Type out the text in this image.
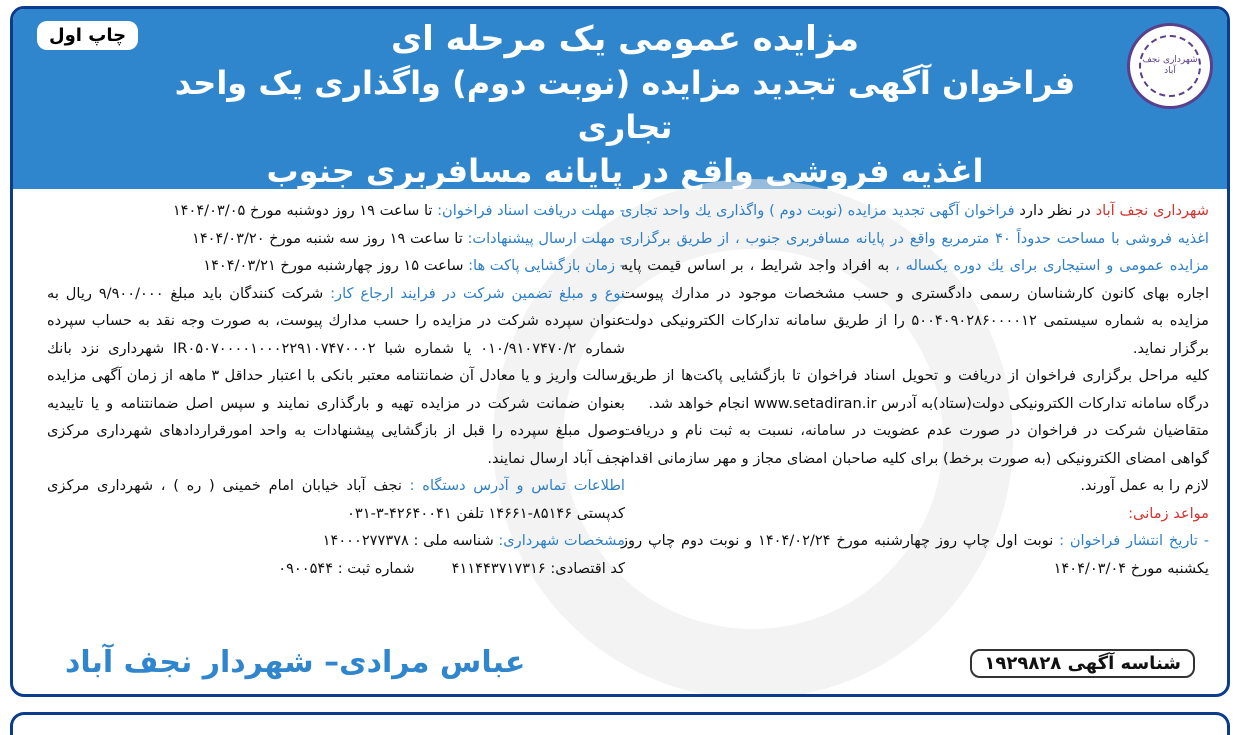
شهرداری نجف آباد
چاپ اول	مزایده عمومی یک مرحله ای
فراخوان آگهی تجدید مزایده (نوبت دوم) واگذاری یک واحد تجاری
اغذیه فروشی واقع در پایانه مسافربری جنوب

شهرداری نجف آباد در نظر دارد فراخوان آگهی تجدید مزایده (نوبت دوم ) واگذاری یك واحد تجاری اغذیه فروشی با مساحت حدوداً ۴۰ مترمربع واقع در پایانه مسافربری جنوب ، از طریق برگزاری مزایده عمومی و استیجاری برای یك دوره یكساله ، به افراد واجد شرایط ، بر اساس قیمت پایه اجاره بهای كانون كارشناسان رسمی دادگستری و حسب مشخصات موجود در مدارك پیوست مزایده به شماره سیستمی ۵۰۰۴۰۹۰۲۸۶۰۰۰۰۱۲ را از طریق سامانه تداركات الكترونیكی دولت برگزار نماید.

كلیه مراحل برگزاری فراخوان از دریافت و تحویل اسناد فراخوان تا بازگشایی پاكت‌ها از طریق درگاه سامانه تداركات الكترونیكی دولت(ستاد)به آدرس www.setadiran.ir انجام خواهد شد.

متقاضیان شركت در فراخوان در صورت عدم عضویت در سامانه، نسبت به ثبت نام و دریافت گواهی امضای الكترونیكی (به صورت برخط) برای كلیه صاحبان امضای مجاز و مهر سازمانی اقدام لازم را به عمل آورند.

مواعد زمانی:

- تاریخ انتشار فراخوان : نوبت اول چاپ روز چهارشنبه مورخ ۱۴۰۴/۰۲/۲۴ و نوبت دوم چاپ روز یكشنبه مورخ ۱۴۰۴/۰۳/۰۴

- مهلت دریافت اسناد فراخوان: تا ساعت ۱۹ روز دوشنبه مورخ ۱۴۰۴/۰۳/۰۵

- مهلت ارسال پیشنهادات: تا ساعت ۱۹ روز سه شنبه مورخ ۱۴۰۴/۰۳/۲۰

- زمان بازگشایی پاكت ها: ساعت ۱۵ روز چهارشنبه مورخ ۱۴۰۴/۰۳/۲۱

نوع و مبلغ تضمین شركت در فرایند ارجاع كار: شركت كنندگان باید مبلغ ۹/۹۰۰/۰۰۰ ریال به عنوان سپرده شركت در مزایده را حسب مدارك پیوست، به صورت وجه نقد به حساب سپرده شماره ۰۱۰/۹۱۰۷۴۷۰/۲ یا شماره شبا IR۰۵۰۷۰۰۰۰۱۰۰۰۲۲۹۱۰۷۴۷۰۰۰۲ شهرداری نزد بانك رسالت واریز و یا معادل آن ضمانتنامه معتبر بانكی با اعتبار حداقل ۳ ماهه از زمان آگهی مزایده بعنوان ضمانت شركت در مزایده تهیه و بارگذاری نمایند و سپس اصل ضمانتنامه و یا تاییدیه وصول مبلغ سپرده را قبل از بازگشایی پیشنهادات به واحد امورقراردادهای شهرداری مركزی نجف آباد ارسال نمایند.

اطلاعات تماس و آدرس دستگاه : نجف آباد خیابان امام خمینی ( ره ) ، شهرداری مركزی كدپستی ۸۵۱۴۶-۱۴۶۶۱ تلفن ۴۲۶۴۰۰۴۱-۳-۰۳۱

مشخصات شهرداری: شناسه ملی : ۱۴۰۰۰۲۷۷۳۷۸

كد اقتصادی: ۴۱۱۴۴۳۷۱۷۳۱۶        شماره ثبت : ۰۹۰۰۵۴۴

شناسه آگهی ۱۹۲۹۸۲۸
عباس مرادی– شهردار نجف آباد
